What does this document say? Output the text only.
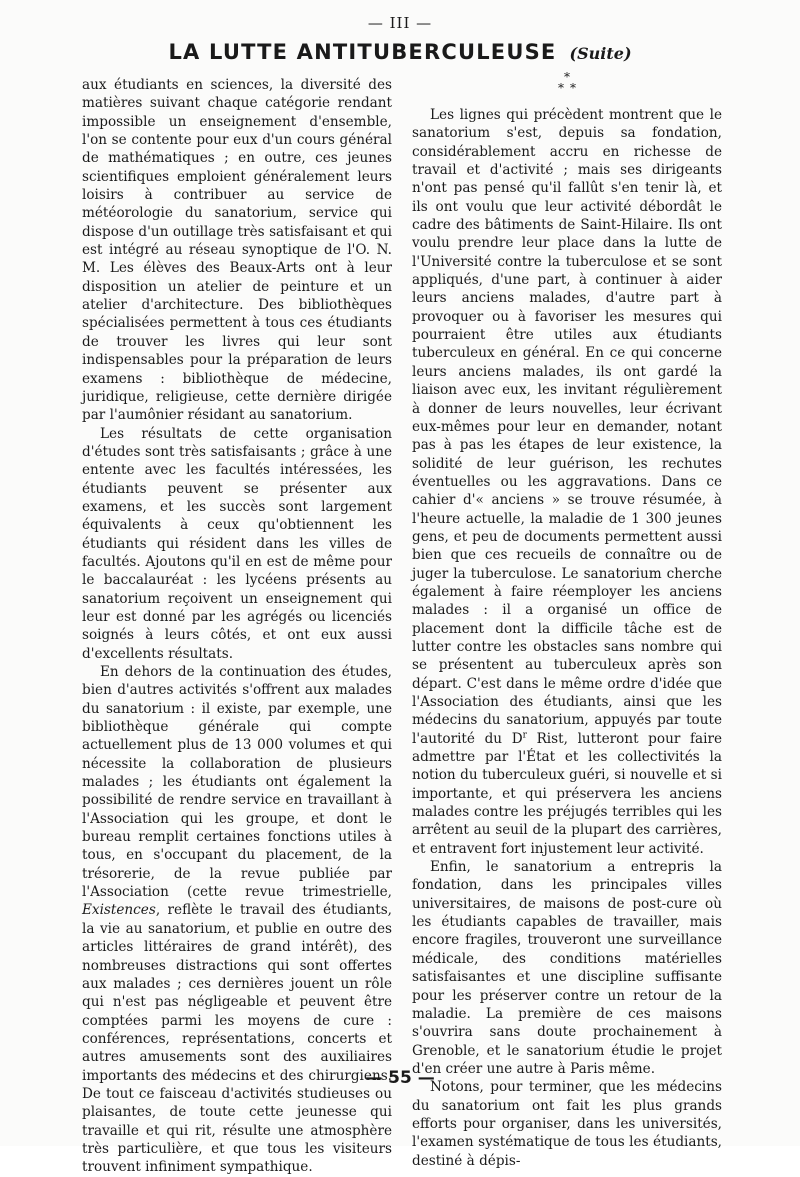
— III —
LA LUTTE ANTITUBERCULEUSE (Suite)

aux étudiants en sciences, la diversité des matières suivant chaque catégorie rendant impossible un enseignement d'ensemble, l'on se contente pour eux d'un cours général de mathématiques ; en outre, ces jeunes scientifiques emploient généralement leurs loisirs à contribuer au service de météorologie du sanatorium, service qui dispose d'un outillage très satisfaisant et qui est intégré au réseau synoptique de l'O. N. M. Les élèves des Beaux-Arts ont à leur disposition un atelier de peinture et un atelier d'architecture. Des bibliothèques spécialisées permettent à tous ces étudiants de trouver les livres qui leur sont indispensables pour la préparation de leurs examens : bibliothèque de médecine, juridique, religieuse, cette dernière dirigée par l'aumônier résidant au sanatorium.

Les résultats de cette organisation d'études sont très satisfaisants ; grâce à une entente avec les facultés intéressées, les étudiants peuvent se présenter aux examens, et les succès sont largement équivalents à ceux qu'obtiennent les étudiants qui résident dans les villes de facultés. Ajoutons qu'il en est de même pour le baccalauréat : les lycéens présents au sanatorium reçoivent un enseignement qui leur est donné par les agrégés ou licenciés soignés à leurs côtés, et ont eux aussi d'excellents résultats.

En dehors de la continuation des études, bien d'autres activités s'offrent aux malades du sanatorium : il existe, par exemple, une bibliothèque générale qui compte actuellement plus de 13 000 volumes et qui nécessite la collaboration de plusieurs malades ; les étudiants ont également la possibilité de rendre service en travaillant à l'Association qui les groupe, et dont le bureau remplit certaines fonctions utiles à tous, en s'occupant du placement, de la trésorerie, de la revue publiée par l'Association (cette revue trimestrielle, Existences, reflète le travail des étudiants, la vie au sanatorium, et publie en outre des articles littéraires de grand intérêt), des nombreuses distractions qui sont offertes aux malades ; ces dernières jouent un rôle qui n'est pas négligeable et peuvent être comptées parmi les moyens de cure : conférences, représentations, concerts et autres amusements sont des auxiliaires importants des médecins et des chirurgiens. De tout ce faisceau d'activités studieuses ou plaisantes, de toute cette jeunesse qui travaille et qui rit, résulte une atmosphère très particulière, et que tous les visiteurs trouvent infiniment sympathique.

*
**

Les lignes qui précèdent montrent que le sanatorium s'est, depuis sa fondation, considérablement accru en richesse de travail et d'activité ; mais ses dirigeants n'ont pas pensé qu'il fallût s'en tenir là, et ils ont voulu que leur activité débordât le cadre des bâtiments de Saint-Hilaire. Ils ont voulu prendre leur place dans la lutte de l'Université contre la tuberculose et se sont appliqués, d'une part, à continuer à aider leurs anciens malades, d'autre part à provoquer ou à favoriser les mesures qui pourraient être utiles aux étudiants tuberculeux en général. En ce qui concerne leurs anciens malades, ils ont gardé la liaison avec eux, les invitant régulièrement à donner de leurs nouvelles, leur écrivant eux-mêmes pour leur en demander, notant pas à pas les étapes de leur existence, la solidité de leur guérison, les rechutes éventuelles ou les aggravations. Dans ce cahier d'« anciens » se trouve résumée, à l'heure actuelle, la maladie de 1 300 jeunes gens, et peu de documents permettent aussi bien que ces recueils de connaître ou de juger la tuberculose. Le sanatorium cherche également à faire réemployer les anciens malades : il a organisé un office de placement dont la difficile tâche est de lutter contre les obstacles sans nombre qui se présentent au tuberculeux après son départ. C'est dans le même ordre d'idée que l'Association des étudiants, ainsi que les médecins du sanatorium, appuyés par toute l'autorité du $D^r$ Rist, lutteront pour faire admettre par l'État et les collectivités la notion du tuberculeux guéri, si nouvelle et si importante, et qui préservera les anciens malades contre les préjugés terribles qui les arrêtent au seuil de la plupart des carrières, et entravent fort injustement leur activité.

Enfin, le sanatorium a entrepris la fondation, dans les principales villes universitaires, de maisons de post-cure où les étudiants capables de travailler, mais encore fragiles, trouveront une surveillance médicale, des conditions matérielles satisfaisantes et une discipline suffisante pour les préserver contre un retour de la maladie. La première de ces maisons s'ouvrira sans doute prochainement à Grenoble, et le sanatorium étudie le projet d'en créer une autre à Paris même.

Notons, pour terminer, que les médecins du sanatorium ont fait les plus grands efforts pour organiser, dans les universités, l'examen systématique de tous les étudiants, destiné à dépis-

— 55 —
